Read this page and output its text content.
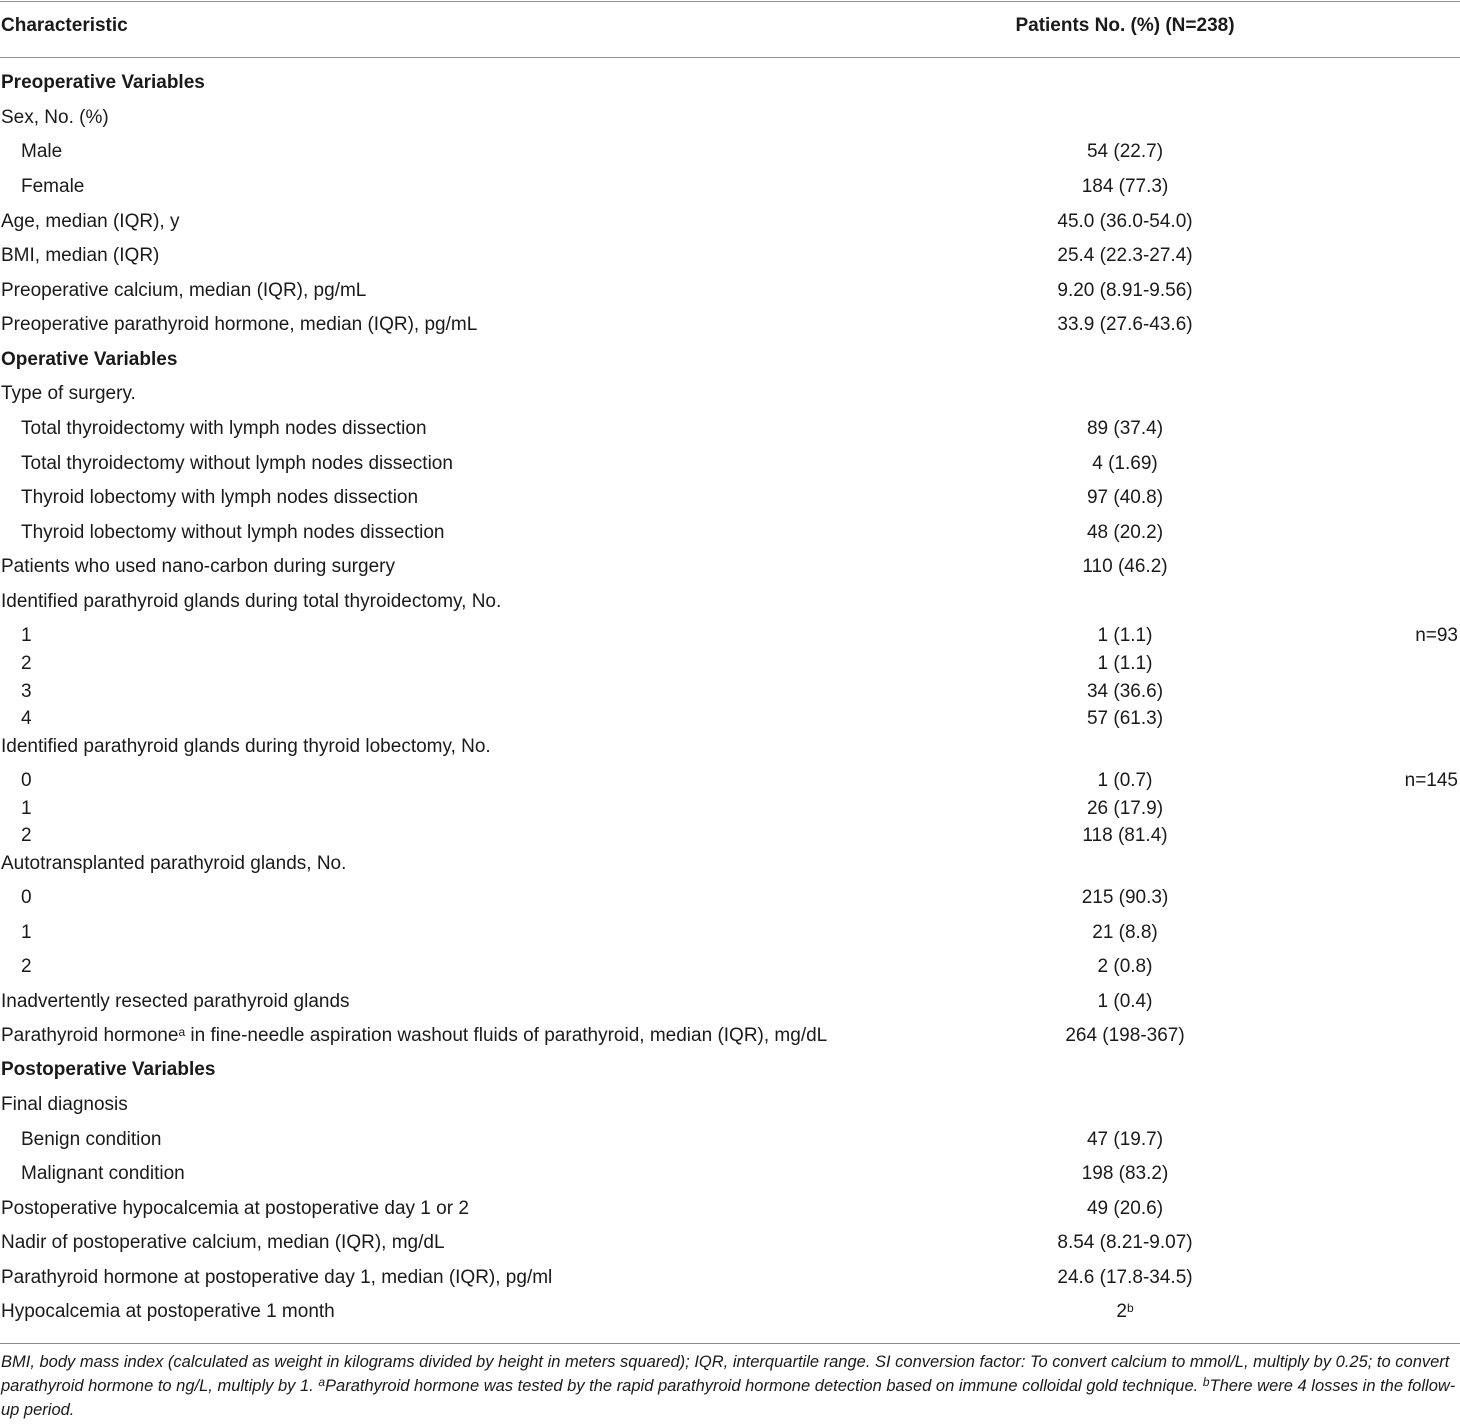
Characteristic	Patients No. (%) (N=238)
Preoperative Variables
Sex, No. (%)
Male	54 (22.7)
Female	184 (77.3)
Age, median (IQR), y	45.0 (36.0-54.0)
BMI, median (IQR)	25.4 (22.3-27.4)
Preoperative calcium, median (IQR), pg/mL	9.20 (8.91-9.56)
Preoperative parathyroid hormone, median (IQR), pg/mL	33.9 (27.6-43.6)
Operative Variables
Type of surgery.
Total thyroidectomy with lymph nodes dissection	89 (37.4)
Total thyroidectomy without lymph nodes dissection	4 (1.69)
Thyroid lobectomy with lymph nodes dissection	97 (40.8)
Thyroid lobectomy without lymph nodes dissection	48 (20.2)
Patients who used nano-carbon during surgery	110 (46.2)
Identified parathyroid glands during total thyroidectomy, No.
1	1 (1.1)	n=93
2	1 (1.1)
3	34 (36.6)
4	57 (61.3)
Identified parathyroid glands during thyroid lobectomy, No.
0	1 (0.7)	n=145
1	26 (17.9)
2	118 (81.4)
Autotransplanted parathyroid glands, No.
0	215 (90.3)
1	21 (8.8)
2	2 (0.8)
Inadvertently resected parathyroid glands	1 (0.4)
Parathyroid hormone$^a$ in fine-needle aspiration washout fluids of parathyroid, median (IQR), mg/dL	264 (198-367)
Postoperative Variables
Final diagnosis
Benign condition	47 (19.7)
Malignant condition	198 (83.2)
Postoperative hypocalcemia at postoperative day 1 or 2	49 (20.6)
Nadir of postoperative calcium, median (IQR), mg/dL	8.54 (8.21-9.07)
Parathyroid hormone at postoperative day 1, median (IQR), pg/ml	24.6 (17.8-34.5)
Hypocalcemia at postoperative 1 month	2$^b$
BMI, body mass index (calculated as weight in kilograms divided by height in meters squared); IQR, interquartile range. SI conversion factor: To convert calcium to mmol/L, multiply by 0.25; to convert parathyroid hormone to ng/L, multiply by 1. $^a$Parathyroid hormone was tested by the rapid parathyroid hormone detection based on immune colloidal gold technique. $^b$There were 4 losses in the follow-up period.
